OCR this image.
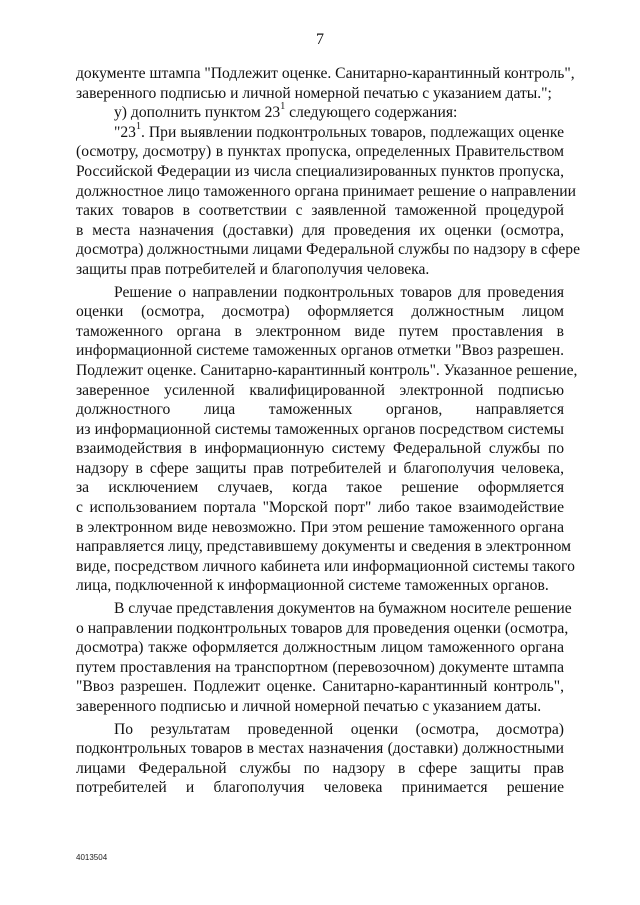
7
документе штампа "Подлежит оценке. Санитарно-карантинный контроль",
заверенного подписью и личной номерной печатью с указанием даты.";
у) дополнить пунктом $23^1$ следующего содержания:
"$23^1$. При выявлении подконтрольных товаров, подлежащих оценке
(осмотру, досмотру) в пунктах пропуска, определенных Правительством
Российской Федерации из числа специализированных пунктов пропуска,
должностное лицо таможенного органа принимает решение о направлении
таких товаров в соответствии с заявленной таможенной процедурой
в места назначения (доставки) для проведения их оценки (осмотра,
досмотра) должностными лицами Федеральной службы по надзору в сфере
защиты прав потребителей и благополучия человека.
Решение о направлении подконтрольных товаров для проведения
оценки (осмотра, досмотра) оформляется должностным лицом
таможенного органа в электронном виде путем проставления в
информационной системе таможенных органов отметки "Ввоз разрешен.
Подлежит оценке. Санитарно-карантинный контроль". Указанное решение,
заверенное усиленной квалифицированной электронной подписью
должностного лица таможенных органов, направляется
из информационной системы таможенных органов посредством системы
взаимодействия в информационную систему Федеральной службы по
надзору в сфере защиты прав потребителей и благополучия человека,
за исключением случаев, когда такое решение оформляется
с использованием портала "Морской порт" либо такое взаимодействие
в электронном виде невозможно. При этом решение таможенного органа
направляется лицу, представившему документы и сведения в электронном
виде, посредством личного кабинета или информационной системы такого
лица, подключенной к информационной системе таможенных органов.
В случае представления документов на бумажном носителе решение
о направлении подконтрольных товаров для проведения оценки (осмотра,
досмотра) также оформляется должностным лицом таможенного органа
путем проставления на транспортном (перевозочном) документе штампа
"Ввоз разрешен. Подлежит оценке. Санитарно-карантинный контроль",
заверенного подписью и личной номерной печатью с указанием даты.
По результатам проведенной оценки (осмотра, досмотра)
подконтрольных товаров в местах назначения (доставки) должностными
лицами Федеральной службы по надзору в сфере защиты прав
потребителей и благополучия человека принимается решение
4013504
